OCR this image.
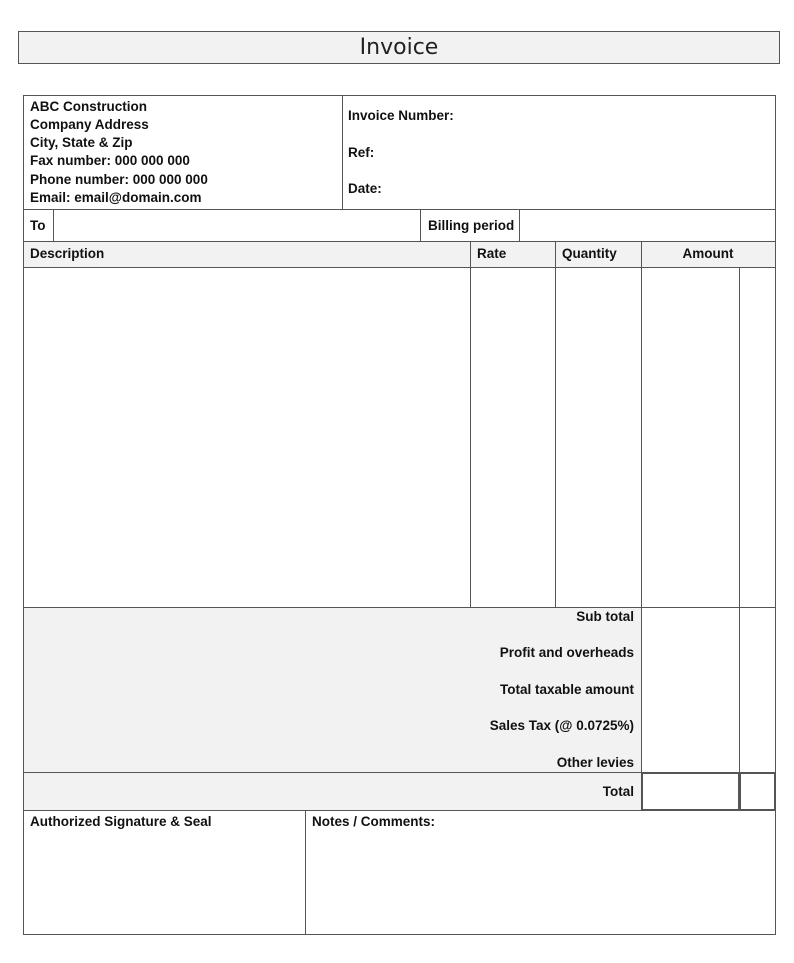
Invoice
ABC Construction
Company Address
City, State & Zip
Fax number: 000 000 000
Phone number: 000 000 000
Email: email@domain.com
Invoice Number:
Ref:
Date:
To	Billing period
Description	Rate	Quantity	Amount
Sub total
Profit and overheads
Total taxable amount
Sales Tax (@ 0.0725%)
Other levies
Total
Authorized Signature & Seal	Notes / Comments:
